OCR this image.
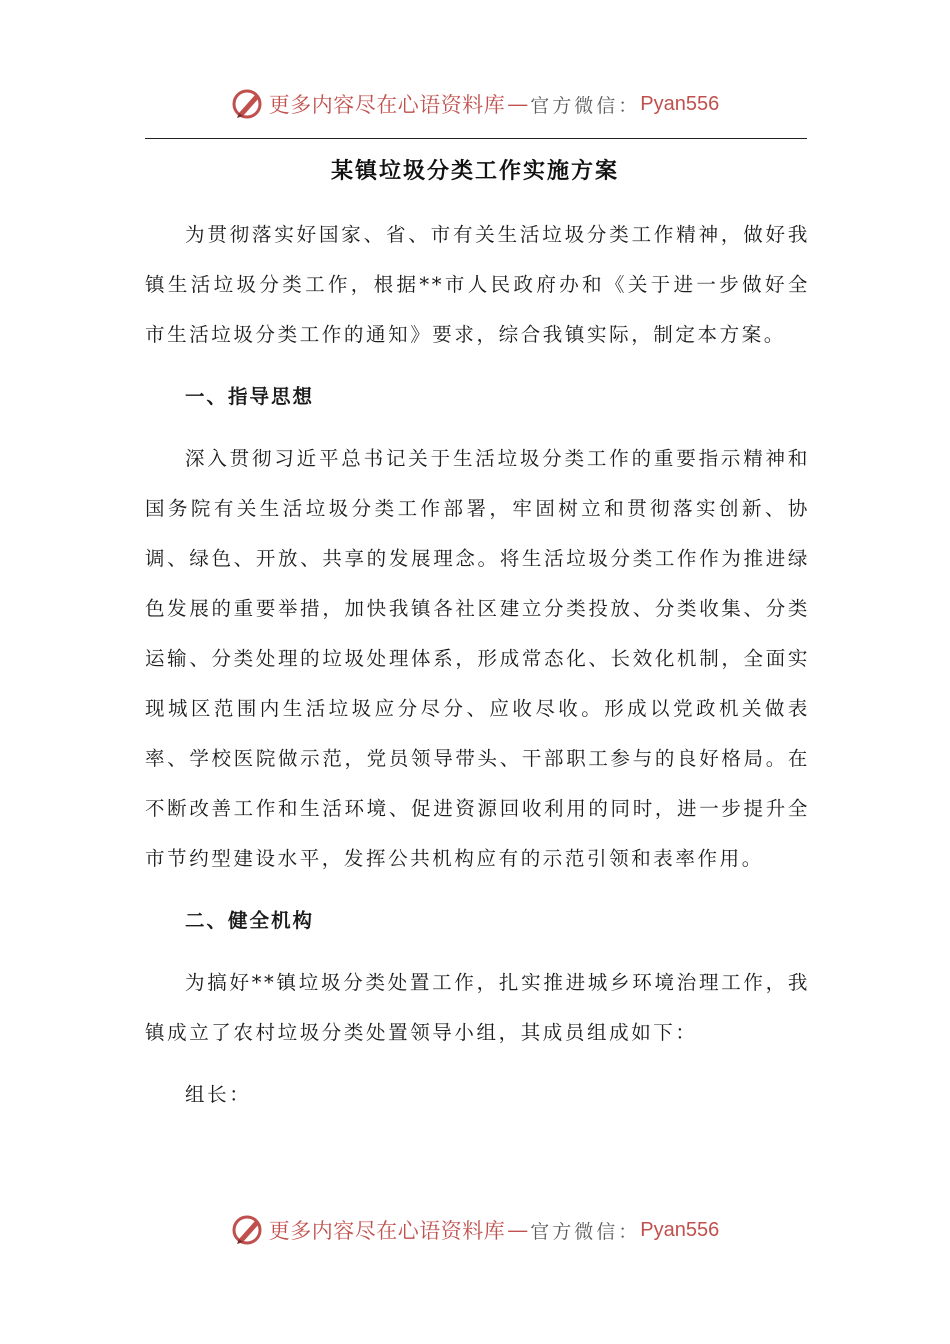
更多内容尽在心语资料库 — 官方微信： Pyan556
某镇垃圾分类工作实施方案

为贯彻落实好国家、省、市有关生活垃圾分类工作精神，做好我镇生活垃圾分类工作，根据**市人民政府办和《关于进一步做好全市生活垃圾分类工作的通知》要求，综合我镇实际，制定本方案。

一、指导思想

深入贯彻习近平总书记关于生活垃圾分类工作的重要指示精神和国务院有关生活垃圾分类工作部署，牢固树立和贯彻落实创新、协调、绿色、开放、共享的发展理念。将生活垃圾分类工作作为推进绿色发展的重要举措，加快我镇各社区建立分类投放、分类收集、分类运输、分类处理的垃圾处理体系，形成常态化、长效化机制，全面实现城区范围内生活垃圾应分尽分、应收尽收。形成以党政机关做表率、学校医院做示范，党员领导带头、干部职工参与的良好格局。在不断改善工作和生活环境、促进资源回收利用的同时，进一步提升全市节约型建设水平，发挥公共机构应有的示范引领和表率作用。

二、健全机构

为搞好**镇垃圾分类处置工作，扎实推进城乡环境治理工作，我镇成立了农村垃圾分类处置领导小组，其成员组成如下：

组长：

更多内容尽在心语资料库 — 官方微信： Pyan556
